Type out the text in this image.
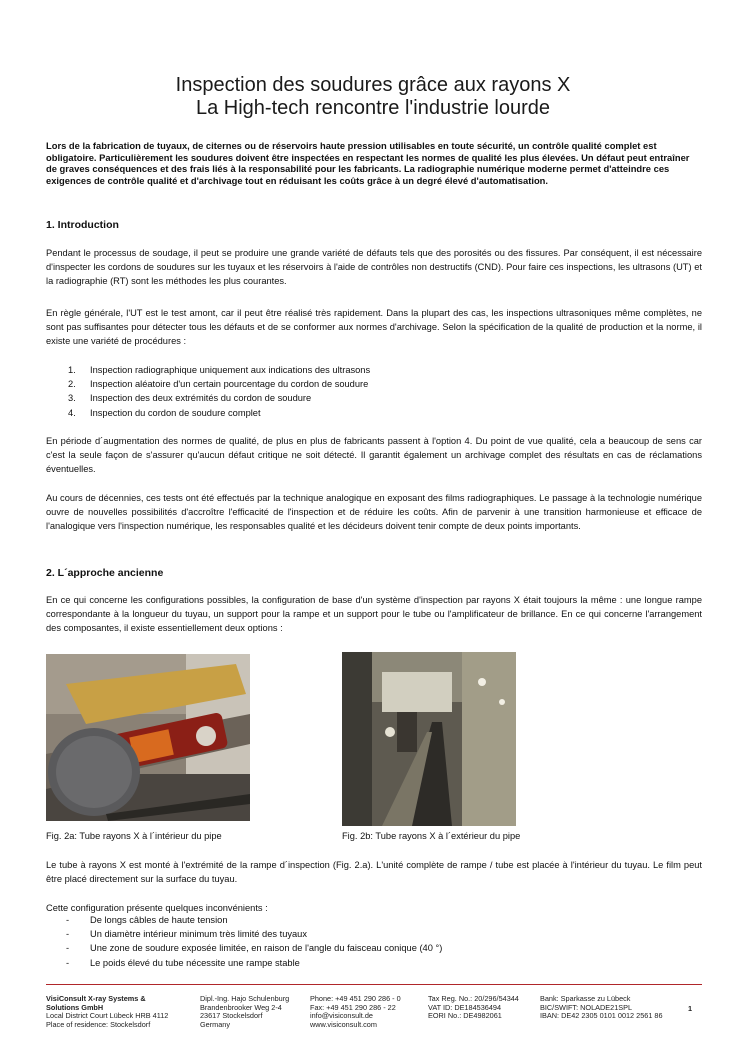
Inspection des soudures grâce aux rayons X
La High-tech rencontre l'industrie lourde
Lors de la fabrication de tuyaux, de citernes ou de réservoirs haute pression utilisables en toute sécurité, un contrôle qualité complet est obligatoire. Particulièrement les soudures doivent être inspectées en respectant les normes de qualité les plus élevées. Un défaut peut entraîner de graves conséquences et des frais liés à la responsabilité pour les fabricants. La radiographie numérique moderne permet d'atteindre ces exigences de contrôle qualité et d'archivage tout en réduisant les coûts grâce à un degré élevé d'automatisation.
1. Introduction
Pendant le processus de soudage, il peut se produire une grande variété de défauts tels que des porosités ou des fissures. Par conséquent, il est nécessaire d'inspecter les cordons de soudures sur les tuyaux et les réservoirs à l'aide de contrôles non destructifs (CND). Pour faire ces inspections, les ultrasons (UT) et la radiographie (RT) sont les méthodes les plus courantes.
En règle générale, l'UT est le test amont, car il peut être réalisé très rapidement. Dans la plupart des cas, les inspections ultrasoniques même complètes, ne sont pas suffisantes pour détecter tous les défauts et de se conformer aux normes d'archivage. Selon la spécification de la qualité de production et la norme, il existe une variété de procédures :
1.	Inspection radiographique uniquement aux indications des ultrasons
2.	Inspection aléatoire d'un certain pourcentage du cordon de soudure
3.	Inspection des deux extrémités du cordon de soudure
4.	Inspection du cordon de soudure complet
En période d´augmentation des normes de qualité, de plus en plus de fabricants passent à l'option 4. Du point de vue qualité, cela a beaucoup de sens car c'est la seule façon de s'assurer qu'aucun défaut critique ne soit détecté. Il garantit également un archivage complet des résultats en cas de réclamations éventuelles.
Au cours de décennies, ces tests ont été effectués par la technique analogique en exposant des films radiographiques. Le passage à la technologie numérique ouvre de nouvelles possibilités d'accroître l'efficacité de l'inspection et de réduire les coûts. Afin de parvenir à une transition harmonieuse et efficace de l'analogique vers l'inspection numérique, les responsables qualité et les décideurs doivent tenir compte de deux points importants.
2. L´approche ancienne
En ce qui concerne les configurations possibles, la configuration de base d'un système d'inspection par rayons X était toujours la même : une longue rampe correspondante à la longueur du tuyau, un support pour la rampe et un support pour le tube ou l'amplificateur de brillance. En ce qui concerne l'arrangement des composantes, il existe essentiellement deux options :
Fig. 2a: Tube rayons X à l´intérieur du pipe	Fig. 2b: Tube rayons X à l´extérieur du pipe
Le tube à rayons X est monté à l'extrémité de la rampe d´inspection (Fig. 2.a). L'unité complète de rampe / tube est placée à l'intérieur du tuyau. Le film peut être placé directement sur la surface du tuyau.
Cette configuration présente quelques inconvénients :
-	De longs câbles de haute tension
-	Un diamètre intérieur minimum très limité des tuyaux
-	Une zone de soudure exposée limitée, en raison de l'angle du faisceau conique (40 °)
-	Le poids élevé du tube nécessite une rampe stable
VisiConsult X-ray Systems &
Solutions GmbH
Local District Court Lübeck HRB 4112
Place of residence: Stockelsdorf
Dipl.-Ing. Hajo Schulenburg
Brandenbrooker Weg 2-4
23617 Stockelsdorf
Germany
Phone: +49 451 290 286 - 0
Fax: +49 451 290 286 - 22
info@visiconsult.de
www.visiconsult.com
Tax Reg. No.: 20/296/54344
VAT ID: DE184536494
EORI No.: DE4982061
Bank: Sparkasse zu Lübeck
BIC/SWIFT: NOLADE21SPL
IBAN: DE42 2305 0101 0012 2561 86
1
